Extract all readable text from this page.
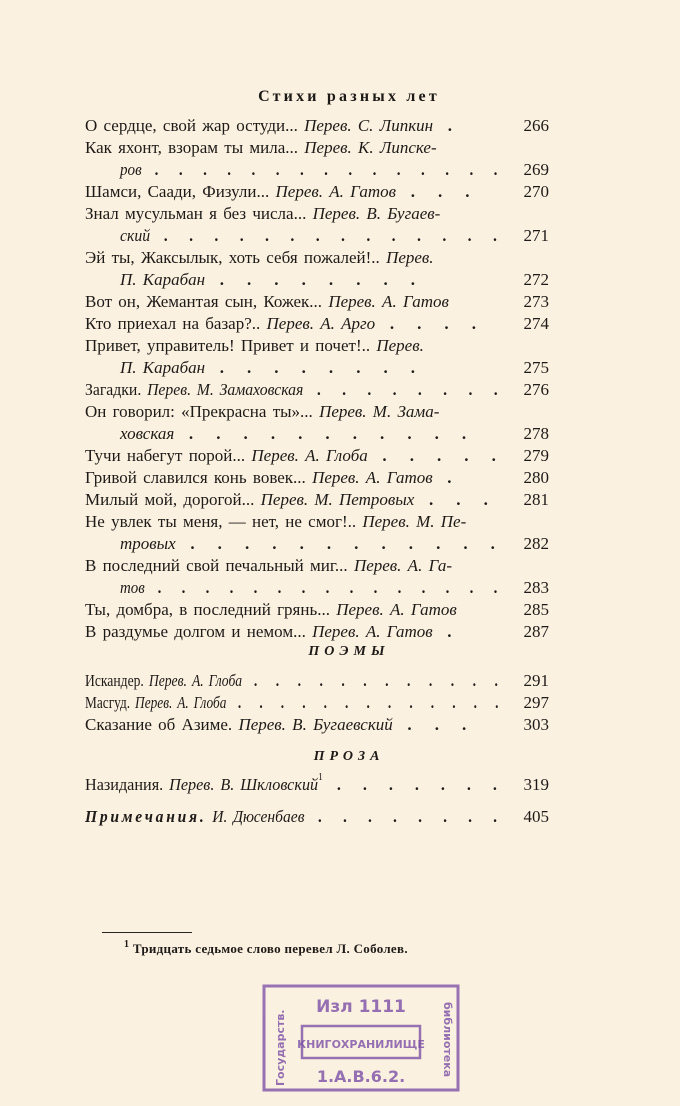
Стихи разных лет
О сердце, свой жар остуди... Перев. С. Липкин .	266
Как яхонт, взорам ты мила... Перев. К. Липске-
ров . . . . . . . . . . . . . . . 269
Шамси, Саади, Физули... Перев. А. Гатов . . .	270
Знал мусульман я без числа... Перев. В. Бугаев-
ский . . . . . . . . . . . . . . 271
Эй ты, Жаксылык, хоть себя пожалей!.. Перев.
П. Карабан . . . . . . . .	272
Вот он, Жемантая сын, Кожек... Перев. А. Гатов	273
Кто приехал на базар?.. Перев. А. Арго . . . . 274
Привет, управитель! Привет и почет!.. Перев.
П. Карабан . . . . . . . .	275
Загадки. Перев. М. Замаховская . . . . . . . . 276
Он говорил: «Прекрасна ты»... Перев. М. Зама-
ховская . . . . . . . . . . .	278
Тучи набегут порой... Перев. А. Глоба . . . . . 279
Гривой славился конь вовек... Перев. А. Гатов .	280
Милый мой, дорогой... Перев. М. Петровых . . . 281
Не увлек ты меня, — нет, не смог!.. Перев. М. Пе-
тровых . . . . . . . . . . . . 282
В последний свой печальный миг... Перев. А. Га-
тов . . . . . . . . . . . . . . . 283
Ты, домбра, в последний грянь... Перев. А. Гатов	285
В раздумье долгом и немом... Перев. А. Гатов .	287
ПОЭМЫ
Искандер. Перев. А. Глоба . . . . . . . . . . . . 291
Масгуд. Перев. А. Глоба . . . . . . . . . . . . . 297
Сказание об Азиме. Перев. В. Бугаевский . . .	303
ПРОЗА
Назидания. Перев. В. Шкловский$^1$ . . . . . . . 319
Примечания. И. Дюсенбаев . . . . . . . . 405
$^1$ Тридцать седьмое слово перевел Л. Соболев.
Изл 1111
КНИГОХРАНИЛИЩЕ
1.А.В.6.2.	библиотека
Государств.
